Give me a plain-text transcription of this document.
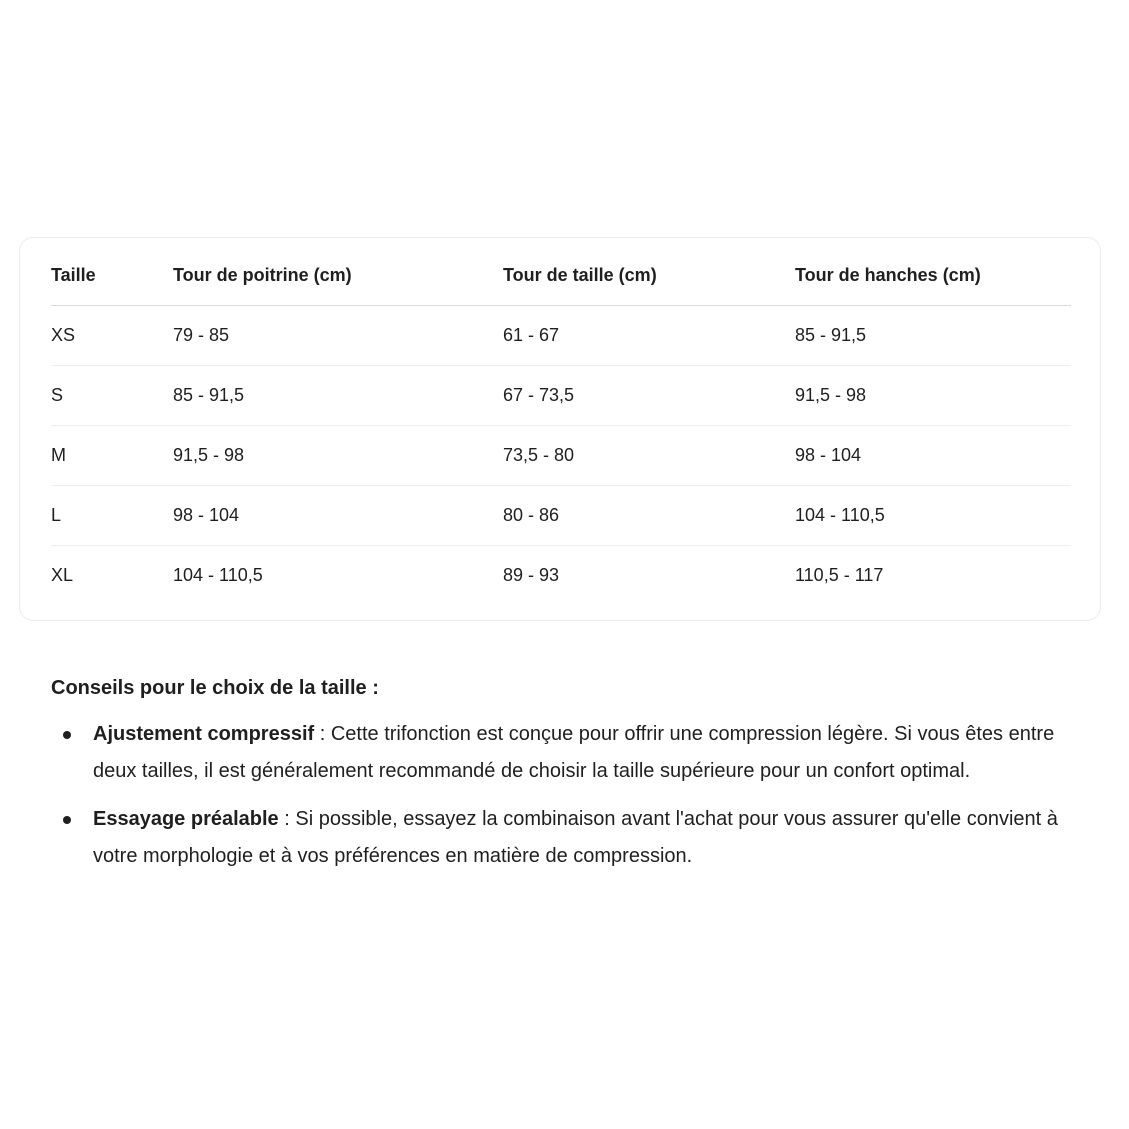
Taille	Tour de poitrine (cm)	Tour de taille (cm)	Tour de hanches (cm)
XS	79 - 85	61 - 67	85 - 91,5
S	85 - 91,5	67 - 73,5	91,5 - 98
M	91,5 - 98	73,5 - 80	98 - 104
L	98 - 104	80 - 86	104 - 110,5
XL	104 - 110,5	89 - 93	110,5 - 117

Conseils pour le choix de la taille :

Ajustement compressif : Cette trifonction est conçue pour offrir une compression légère. Si vous êtes entre deux tailles, il est généralement recommandé de choisir la taille supérieure pour un confort optimal.
Essayage préalable : Si possible, essayez la combinaison avant l'achat pour vous assurer qu'elle convient à votre morphologie et à vos préférences en matière de compression.
